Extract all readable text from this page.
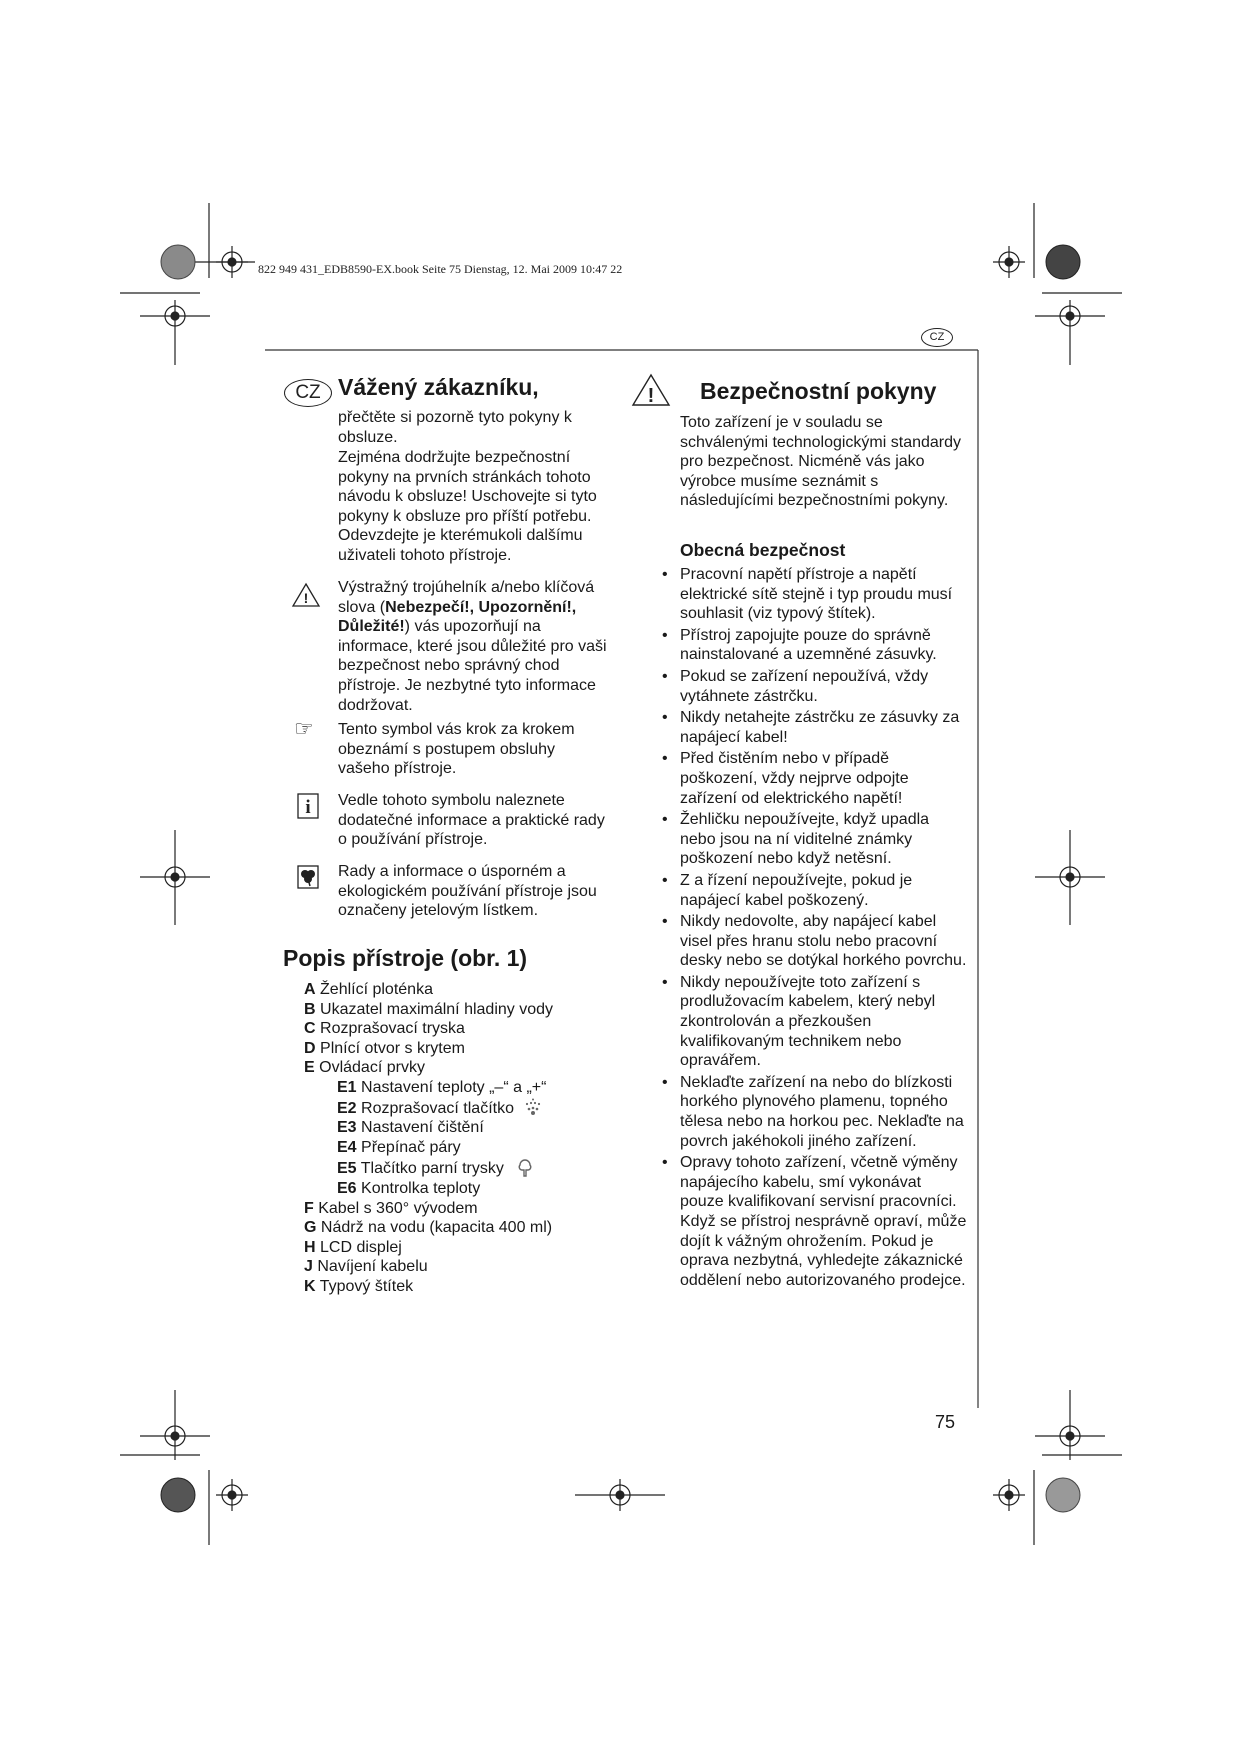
822 949 431_EDB8590-EX.book Seite 75 Dienstag, 12. Mai 2009 10:47 22
CZ
CZ Vážený zákazníku,

přečtěte si pozorně tyto pokyny k obsluze.

Zejména dodržujte bezpečnostní pokyny na prvních stránkách tohoto návodu k obsluze! Uschovejte si tyto pokyny k obsluze pro příští potřebu. Odevzdejte je kterémukoli dalšímu uživateli tohoto přístroje.

!

Výstražný trojúhelník a/nebo klíčová slova (Nebezpečí!, Upozornění!, Důležité!) vás upozorňují na informace, které jsou důležité pro vaši bezpečnost nebo správný chod přístroje. Je nezbytné tyto informace dodržovat.

☞ Tento symbol vás krok za krokem obeznámí s postupem obsluhy vašeho přístroje.

i Vedle tohoto symbolu naleznete dodatečné informace a praktické rady o používání přístroje.

Rady a informace o úsporném a ekologickém používání přístroje jsou označeny jetelovým lístkem.

Popis přístroje (obr. 1)
A Žehlící ploténka
B Ukazatel maximální hladiny vody
C Rozprašovací tryska
D Plnící otvor s krytem
E Ovládací prvky
E1 Nastavení teploty „–“ a „+“
E2 Rozprašovací tlačítko
E3 Nastavení čištění
E4 Přepínač páry
E5 Tlačítko parní trysky
E6 Kontrolka teploty
F Kabel s 360° vývodem
G Nádrž na vodu (kapacita 400 ml)
H LCD displej
J Navíjení kabelu
K Typový štítek
! Bezpečnostní pokyny

Toto zařízení je v souladu se schválenými technologickými standardy pro bezpečnost. Nicméně vás jako výrobce musíme seznámit s následujícími bezpečnostními pokyny.

Obecná bezpečnost

• Pracovní napětí přístroje a napětí elektrické sítě stejně i typ proudu musí souhlasit (viz typový štítek).
• Přístroj zapojujte pouze do správně nainstalované a uzemněné zásuvky.
• Pokud se zařízení nepoužívá, vždy vytáhnete zástrčku.
• Nikdy netahejte zástrčku ze zásuvky za napájecí kabel!
• Před čistěním nebo v případě poškození, vždy nejprve odpojte zařízení od elektrického napětí!
• Žehličku nepoužívejte, když upadla nebo jsou na ní viditelné známky poškození nebo když netěsní.
• Z a řízení nepoužívejte, pokud je napájecí kabel poškozený.
• Nikdy nedovolte, aby napájecí kabel visel přes hranu stolu nebo pracovní desky nebo se dotýkal horkého povrchu.
• Nikdy nepoužívejte toto zařízení s prodlužovacím kabelem, který nebyl zkontrolován a přezkoušen kvalifikovaným technikem nebo opravářem.
• Neklaďte zařízení na nebo do blízkosti horkého plynového plamenu, topného tělesa nebo na horkou pec. Neklaďte na povrch jakéhokoli jiného zařízení.
• Opravy tohoto zařízení, včetně výměny napájecího kabelu, smí vykonávat pouze kvalifikovaní servisní pracovníci. Když se přístroj nesprávně opraví, může dojít k vážným ohrožením. Pokud je oprava nezbytná, vyhledejte zákaznické oddělení nebo autorizovaného prodejce.
75
